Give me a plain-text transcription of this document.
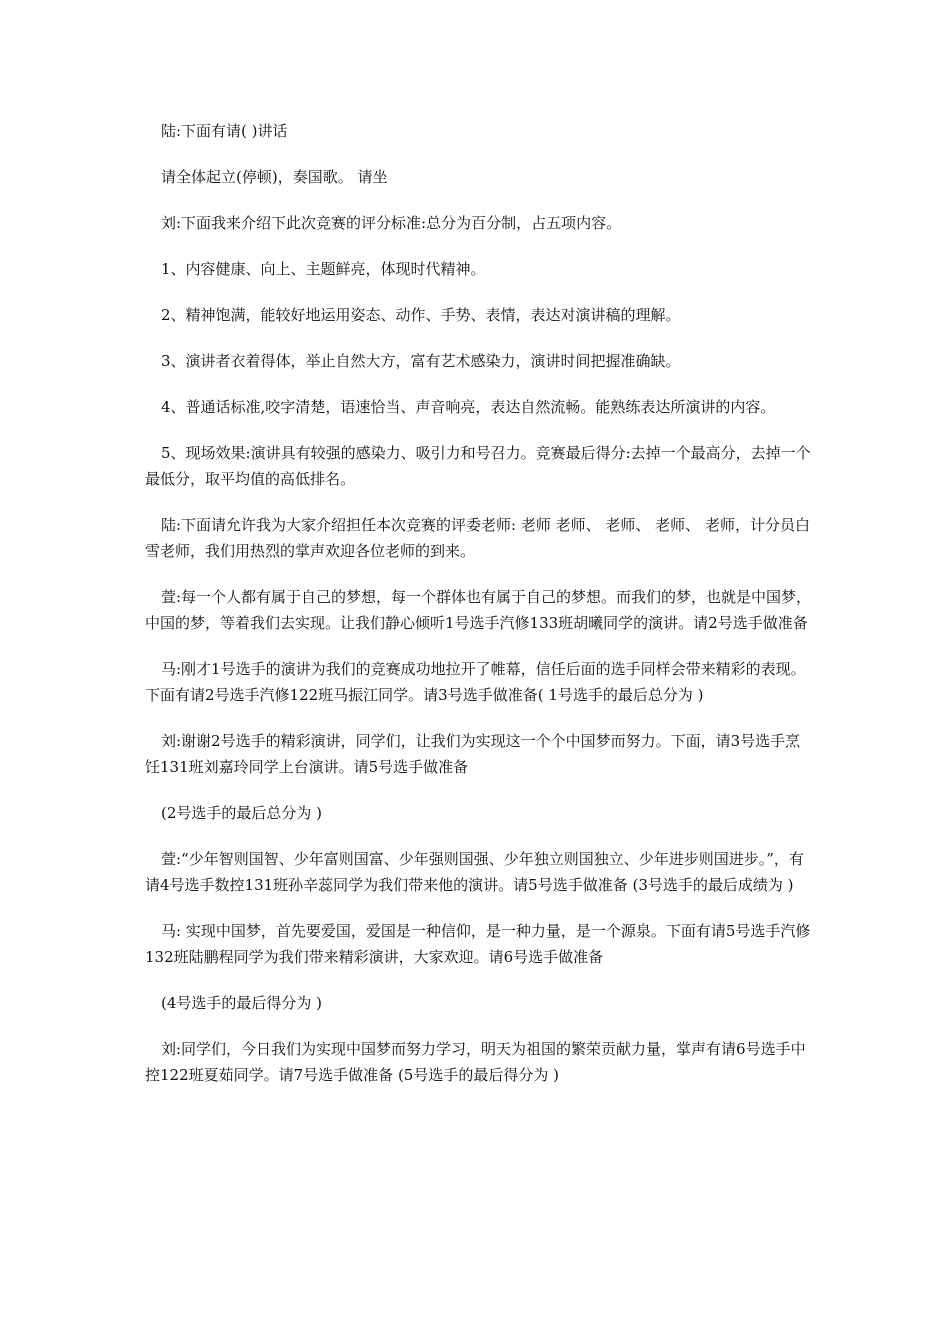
陆:下面有请( )讲话

请全体起立(停顿)，奏国歌。 请坐

刘:下面我来介绍下此次竞赛的评分标准:总分为百分制，占五项内容。

1、内容健康、向上、主题鲜亮，体现时代精神。

2、精神饱满，能较好地运用姿态、动作、手势、表情，表达对演讲稿的理解。

3、演讲者衣着得体，举止自然大方，富有艺术感染力，演讲时间把握准确缺。

4、普通话标准,咬字清楚，语速恰当、声音响亮，表达自然流畅。能熟练表达所演讲的内容。

5、现场效果:演讲具有较强的感染力、吸引力和号召力。竞赛最后得分:去掉一个最高分，去掉一个最低分，取平均值的高低排名。

陆:下面请允许我为大家介绍担任本次竞赛的评委老师: 老师 老师、 老师、 老师、 老师，计分员白雪老师，我们用热烈的掌声欢迎各位老师的到来。

萱:每一个人都有属于自己的梦想，每一个群体也有属于自己的梦想。而我们的梦，也就是中国梦，中国的梦，等着我们去实现。让我们静心倾听1号选手汽修133班胡曦同学的演讲。请2号选手做准备

马:刚才1号选手的演讲为我们的竞赛成功地拉开了帷幕，信任后面的选手同样会带来精彩的表现。下面有请2号选手汽修122班马振江同学。请3号选手做准备( 1号选手的最后总分为 )

刘:谢谢2号选手的精彩演讲，同学们，让我们为实现这一个个中国梦而努力。下面，请3号选手烹饪131班刘嘉玲同学上台演讲。请5号选手做准备

(2号选手的最后总分为 )

萱:“少年智则国智、少年富则国富、少年强则国强、少年独立则国独立、少年进步则国进步。”，有请4号选手数控131班孙辛蕊同学为我们带来他的演讲。请5号选手做准备 (3号选手的最后成绩为 )

马: 实现中国梦，首先要爱国，爱国是一种信仰，是一种力量，是一个源泉。下面有请5号选手汽修132班陆鹏程同学为我们带来精彩演讲，大家欢迎。请6号选手做准备

(4号选手的最后得分为 )

刘:同学们，今日我们为实现中国梦而努力学习，明天为祖国的繁荣贡献力量，掌声有请6号选手中控122班夏茹同学。请7号选手做准备 (5号选手的最后得分为 )
